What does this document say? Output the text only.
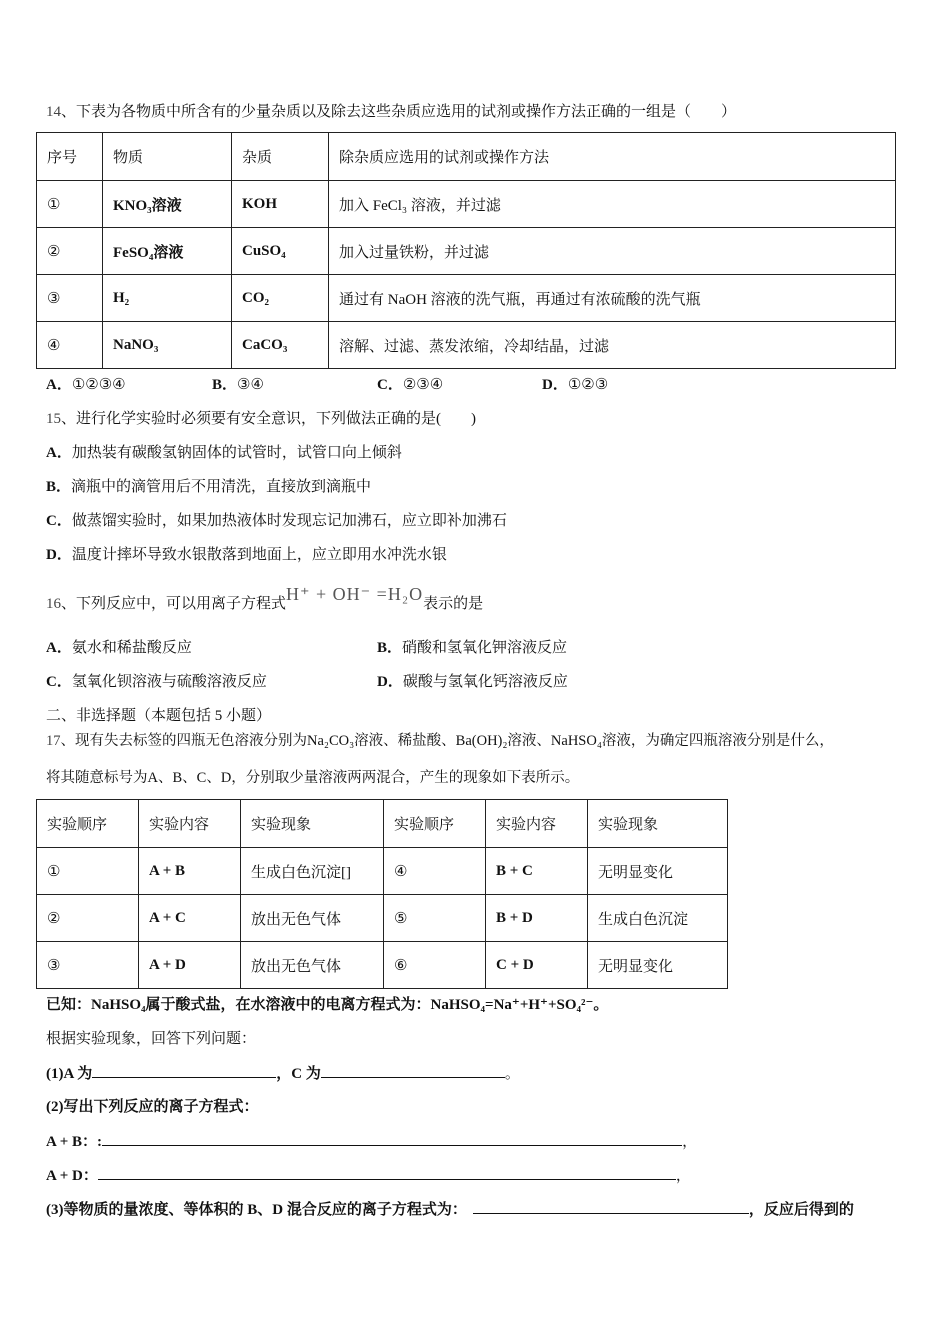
14、下表为各物质中所含有的少量杂质以及除去这些杂质应选用的试剂或操作方法正确的一组是（　　）
序号	物质	杂质	除杂质应选用的试剂或操作方法
①	KNO₃溶液	KOH	加入 FeCl₃ 溶液，并过滤
②	FeSO₄溶液	CuSO₄	加入过量铁粉，并过滤
③	H₂	CO₂	通过有 NaOH 溶液的洗气瓶，再通过有浓硫酸的洗气瓶
④	NaNO₃	CaCO₃	溶解、过滤、蒸发浓缩，冷却结晶，过滤
A．①②③④	B．③④	C．②③④	D．①②③
15、进行化学实验时必须要有安全意识，下列做法正确的是(　　)
A．加热装有碳酸氢钠固体的试管时，试管口向上倾斜
B．滴瓶中的滴管用后不用清洗，直接放到滴瓶中
C．做蒸馏实验时，如果加热液体时发现忘记加沸石，应立即补加沸石
D．温度计摔坏导致水银散落到地面上，应立即用水冲洗水银
16、下列反应中，可以用离子方程式H⁺ + OH⁻ =H₂O表示的是
A．氨水和稀盐酸反应	B．硝酸和氢氧化钾溶液反应
C．氢氧化钡溶液与硫酸溶液反应	D．碳酸与氢氧化钙溶液反应
二、非选择题（本题包括 5 小题）
17、现有失去标签的四瓶无色溶液分别为Na₂CO₃溶液、稀盐酸、Ba(OH)₂溶液、NaHSO₄溶液，为确定四瓶溶液分别是什么，
将其随意标号为A、B、C、D，分别取少量溶液两两混合，产生的现象如下表所示。
实验顺序	实验内容	实验现象	实验顺序	实验内容	实验现象
①	A + B	生成白色沉淀[]	④	B + C	无明显变化
②	A + C	放出无色气体	⑤	B + D	生成白色沉淀
③	A + D	放出无色气体	⑥	C + D	无明显变化
已知：NaHSO₄属于酸式盐，在水溶液中的电离方程式为：NaHSO₄=Na⁺+H⁺+SO₄²⁻。
根据实验现象，回答下列问题：
(1)A 为	，C 为	。
(2)写出下列反应的离子方程式：
A + B：:	，
A + D：	，
(3)等物质的量浓度、等体积的 B、D 混合反应的离子方程式为：	，反应后得到的
